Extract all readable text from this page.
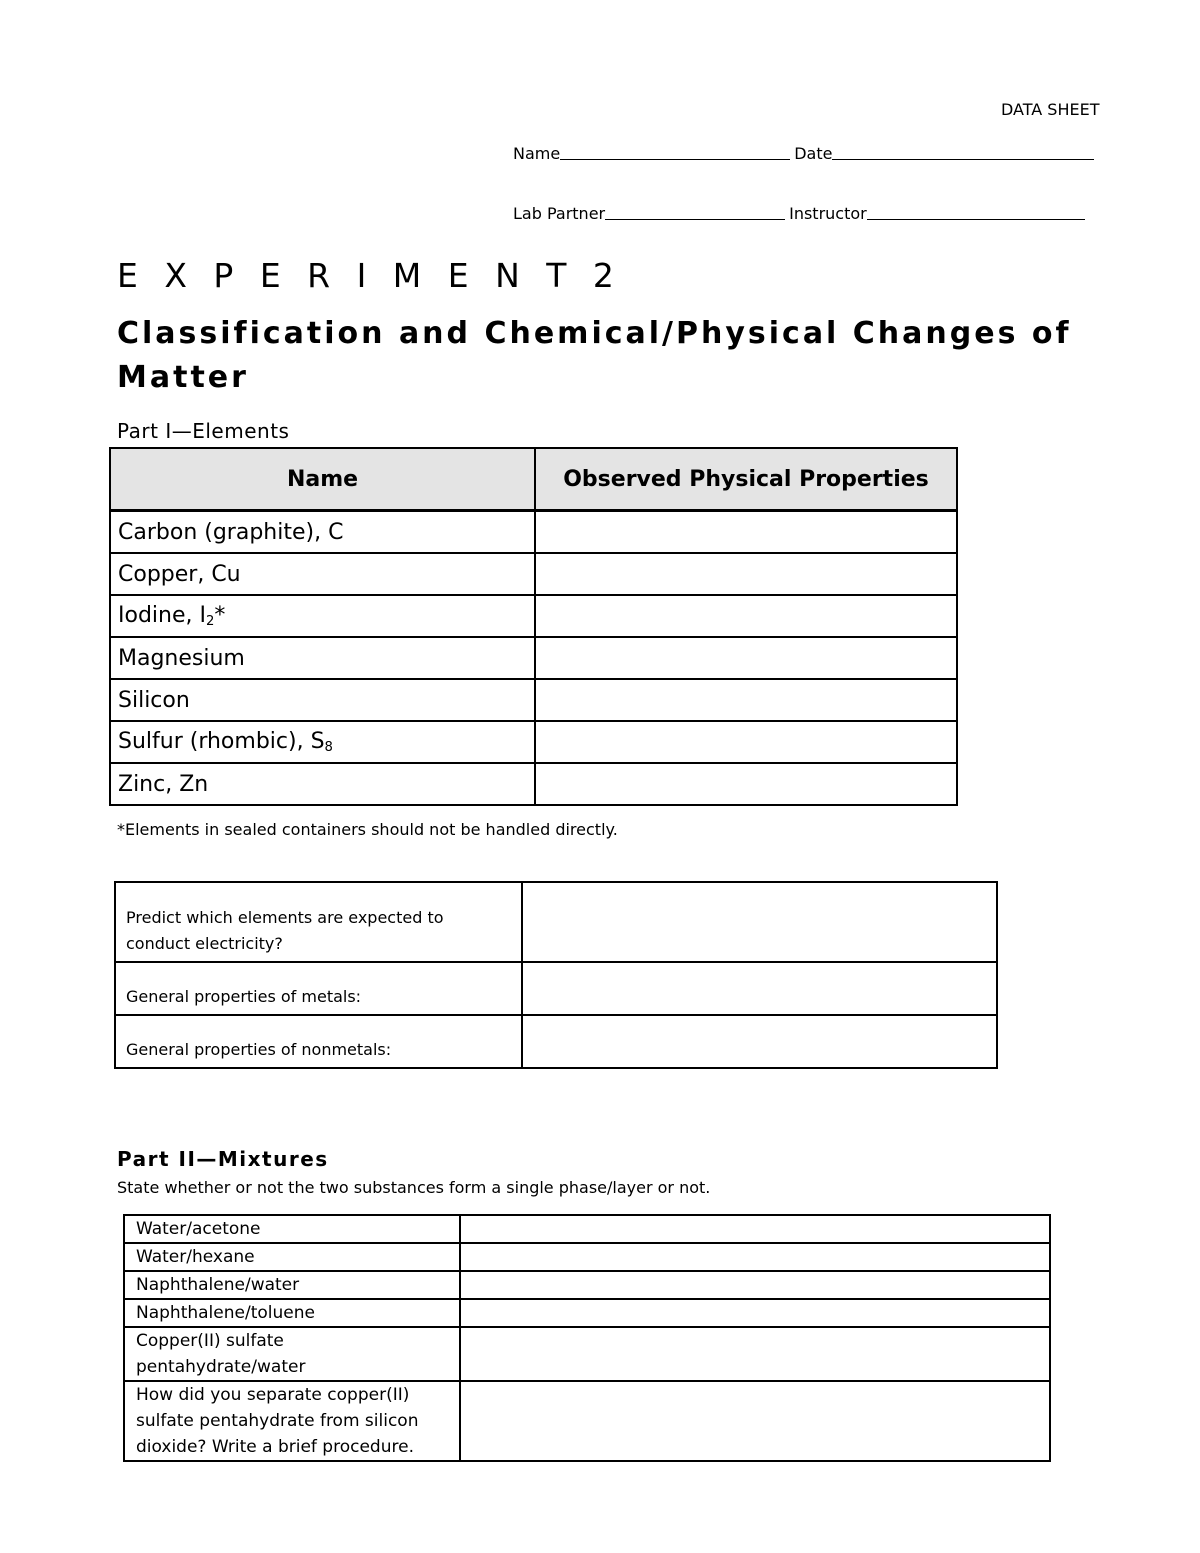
DATA SHEET
Name	Date
Lab Partner	Instructor
E X P E R I M E N T 2
Classification and Chemical/Physical Changes of Matter
Part I—Elements
Name	Observed Physical Properties
Carbon (graphite), C	
Copper, Cu	
Iodine, $I_2*$	
Magnesium	
Silicon	
Sulfur (rhombic), $S_8$	
Zinc, Zn	
*Elements in sealed containers should not be handled directly.
Predict which elements are expected to
conduct electricity?	

General properties of metals:	

General properties of nonmetals:	

Part II—Mixtures
State whether or not the two substances form a single phase/layer or not.
Water/acetone	
Water/hexane	
Naphthalene/water	
Naphthalene/toluene	

Copper(II) sulfate
pentahydrate/water	

How did you separate copper(II)
sulfate pentahydrate from silicon
dioxide? Write a brief procedure.	
